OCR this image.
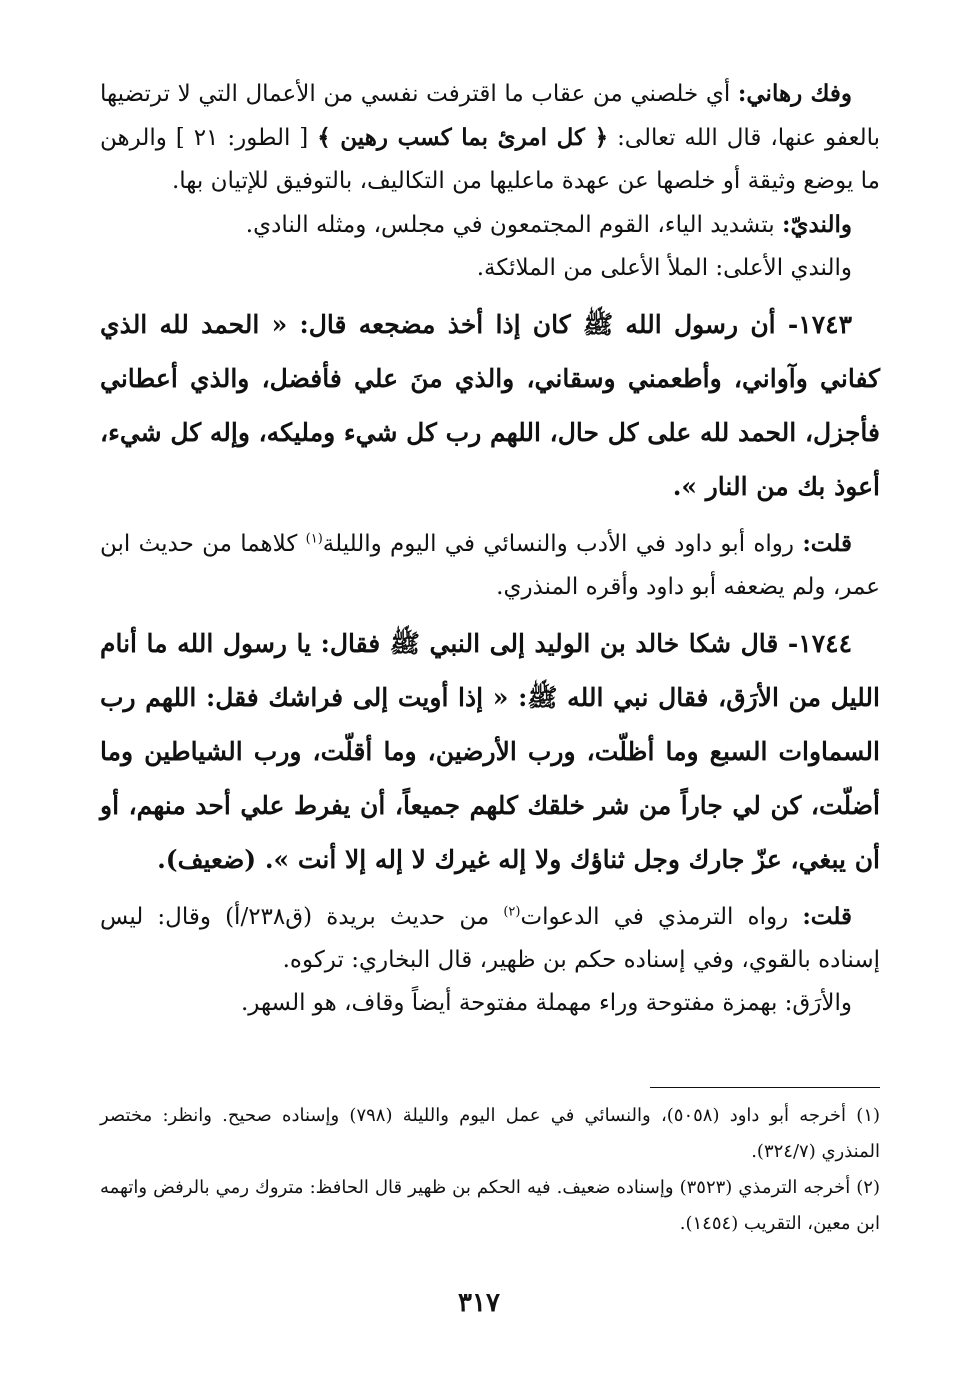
وفك رهاني: أي خلصني من عقاب ما اقترفت نفسي من الأعمال التي لا ترتضيها بالعفو عنها، قال الله تعالى: ﴿ كل امرئ بما كسب رهين ﴾ [ الطور: ٢١ ] والرهن ما يوضع وثيقة أو خلصها عن عهدة ماعليها من التكاليف، بالتوفيق للإتيان بها.

والنديّ: بتشديد الياء، القوم المجتمعون في مجلس، ومثله النادي.

والندي الأعلى: الملأ الأعلى من الملائكة.

١٧٤٣- أن رسول الله ﷺ كان إذا أخذ مضجعه قال: « الحمد لله الذي كفاني وآواني، وأطعمني وسقاني، والذي منَ علي فأفضل، والذي أعطاني فأجزل، الحمد لله على كل حال، اللهم رب كل شيء ومليكه، وإله كل شيء، أعوذ بك من النار ».

قلت: رواه أبو داود في الأدب والنسائي في اليوم والليلة$^{(١)}$ كلاهما من حديث ابن عمر، ولم يضعفه أبو داود وأقره المنذري.

١٧٤٤- قال شكا خالد بن الوليد إلى النبي ﷺ فقال: يا رسول الله ما أنام الليل من الأرَق، فقال نبي الله ﷺ: « إذا أويت إلى فراشك فقل: اللهم رب السماوات السبع وما أظلّت، ورب الأرضين، وما أقلّت، ورب الشياطين وما أضلّت، كن لي جاراً من شر خلقك كلهم جميعاً، أن يفرط علي أحد منهم، أو أن يبغي، عزّ جارك وجل ثناؤك ولا إله غيرك لا إله إلا أنت ». (ضعيف).

قلت: رواه الترمذي في الدعوات$^{(٢)}$ من حديث بريدة (ق٢٣٨/أ) وقال: ليس إسناده بالقوي، وفي إسناده حكم بن ظهير، قال البخاري: تركوه.

والأرَق: بهمزة مفتوحة وراء مهملة مفتوحة أيضاً وقاف، هو السهر.

(١) أخرجه أبو داود (٥٠٥٨)، والنسائي في عمل اليوم والليلة (٧٩٨) وإسناده صحيح. وانظر: مختصر المنذري (٣٢٤/٧).

(٢) أخرجه الترمذي (٣٥٢٣) وإسناده ضعيف. فيه الحكم بن ظهير قال الحافظ: متروك رمي بالرفض واتهمه ابن معين، التقريب (١٤٥٤).

٣١٧
